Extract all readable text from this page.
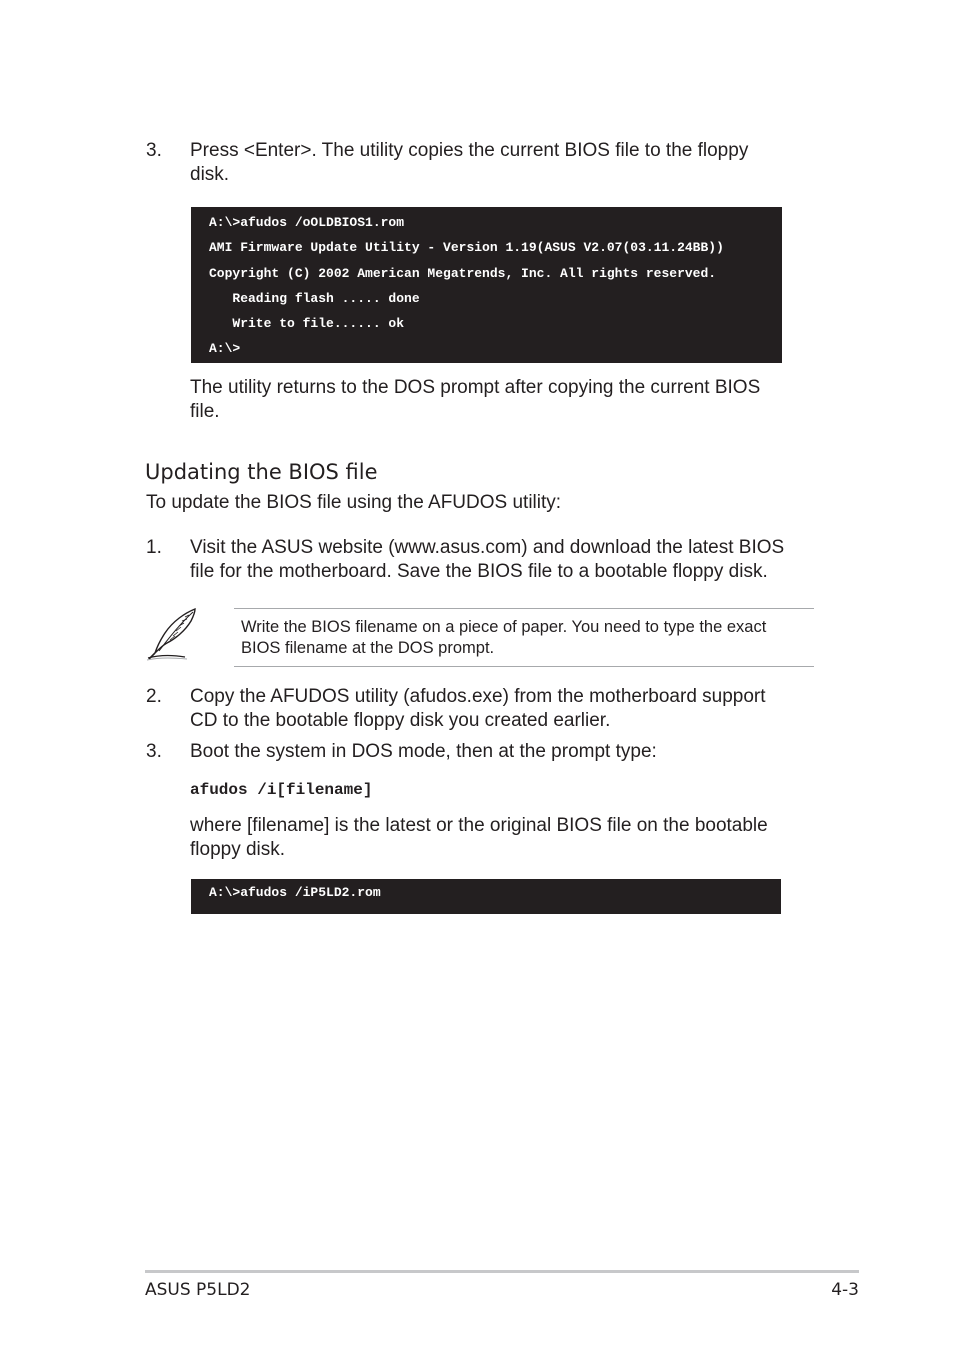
3. Press <Enter>. The utility copies the current BIOS file to the floppy
disk.
A:\>afudos /oOLDBIOS1.rom
AMI Firmware Update Utility - Version 1.19(ASUS V2.07(03.11.24BB))
Copyright (C) 2002 American Megatrends, Inc. All rights reserved.
Reading flash ..... done
Write to file...... ok
A:\>
The utility returns to the DOS prompt after copying the current BIOS
file.
Updating the BIOS file
To update the BIOS file using the AFUDOS utility:
1. Visit the ASUS website (www.asus.com) and download the latest BIOS
file for the motherboard. Save the BIOS file to a bootable floppy disk.
Write the BIOS filename on a piece of paper. You need to type the exact
BIOS filename at the DOS prompt.
2. Copy the AFUDOS utility (afudos.exe) from the motherboard support
CD to the bootable floppy disk you created earlier.
3. Boot the system in DOS mode, then at the prompt type:
afudos /i[filename]
where [filename] is the latest or the original BIOS file on the bootable
floppy disk.
A:\>afudos /iP5LD2.rom
ASUS P5LD2	4-3
